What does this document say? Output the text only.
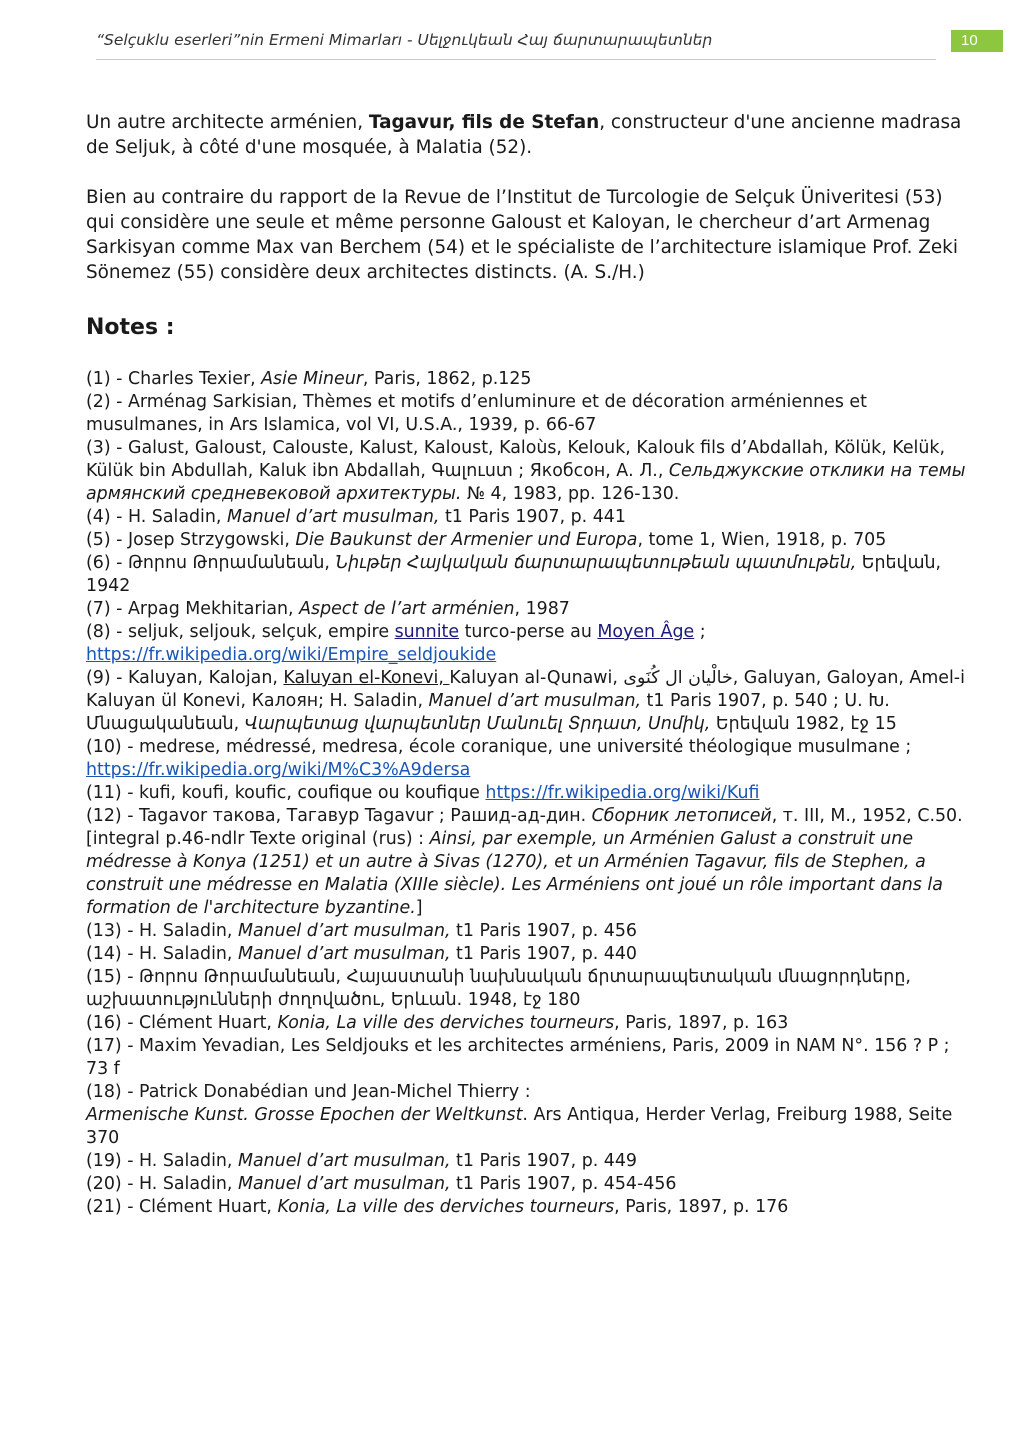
“Selçuklu eserleri”nin Ermeni Mimarları - Սելջուկեան Հայ ճարտարապետներ	10

Un autre architecte arménien, Tagavur, fils de Stefan, constructeur d'une ancienne madrasa de Seljuk, à côté d'une mosquée, à Malatia (52).

Bien au contraire du rapport de la Revue de l’Institut de Turcologie de Selçuk Üniveritesi (53) qui considère une seule et même personne Galoust et Kaloyan, le chercheur d’art Armenag Sarkisyan comme Max van Berchem (54) et le spécialiste de l’architecture islamique Prof. Zeki Sönemez (55) considère deux architectes distincts. (A. S./H.)

Notes :

(1) - Charles Texier, Asie Mineur, Paris, 1862, p.125

(2) - Arménag Sarkisian, Thèmes et motifs d’enluminure et de décoration arméniennes et musulmanes, in Ars Islamica, vol VI, U.S.A., 1939, p. 66-67

(3) - Galust, Galoust, Calouste, Kalust, Kaloust, Kaloùs, Kelouk, Kalouk fils d’Abdallah, Kölük, Kelük, Külük bin Abdullah, Kaluk ibn Abdallah, Գալուստ ; Якобсон, А. Л., Сельджукские отклики на темы армянский средневековой архитектуры. № 4, 1983, pp. 126-130.

(4) - H. Saladin, Manuel d’art musulman, t1 Paris 1907, p. 441

(5) - Josep Strzygowski, Die Baukunst der Armenier und Europa, tome 1, Wien, 1918, p. 705

(6) - Թորոս Թորամանեան, Նիւթեր Հայկական ճարտարապետութեան պատմութեն, Երեվան, 1942

(7) - Arpag Mekhitarian, Aspect de l’art arménien, 1987

(8) - seljuk, seljouk, selçuk, empire sunnite turco-perse au Moyen Âge ;
https://fr.wikipedia.org/wiki/Empire_seldjoukide

(9) - Kaluyan, Kalojan, Kaluyan el-Konevi, Kaluyan al-Qunawi, خالْيان ال كُنَوى, Galuyan, Galoyan, Amel-i Kaluyan ül Konevi, Калоян; H. Saladin, Manuel d’art musulman, t1 Paris 1907, p. 540 ; Ս. Խ. Մնացականեան, Վարպետաց վարպետներ Մանուել Տրդատ, Սոմիկ, Երեվան 1982, էջ 15

(10) - medrese, médressé, medresa, école coranique, une université théologique musulmane ; https://fr.wikipedia.org/wiki/M%C3%A9dersa

(11) - kufi, koufi, koufic, coufique ou koufique https://fr.wikipedia.org/wiki/Kufi

(12) - Tagavor такова, Тагавур Tagavur ; Рашид-ад-дин. Сборник летописей, т. III, М., 1952, С.50. [integral p.46-ndlr Texte original (rus) : Ainsi, par exemple, un Arménien Galust a construit une médresse à Konya (1251) et un autre à Sivas (1270), et un Arménien Tagavur, fils de Stephen, a construit une médresse en Malatia (XIIIe siècle). Les Arméniens ont joué un rôle important dans la formation de l'architecture byzantine.]

(13) - H. Saladin, Manuel d’art musulman, t1 Paris 1907, p. 456

(14) - H. Saladin, Manuel d’art musulman, t1 Paris 1907, p. 440

(15) - Թորոս Թորամանեան, Հայաստանի նախնական ճրտարապետական մնացորդները, աշխատությունների ժողովածու, Երևան. 1948, էջ 180

(16) - Clément Huart, Konia, La ville des derviches tourneurs, Paris, 1897, p. 163

(17) - Maxim Yevadian, Les Seldjouks et les architectes arméniens, Paris, 2009 in NAM N°. 156 ? P ; 73 f

(18) - Patrick Donabédian und Jean-Michel Thierry :
Armenische Kunst. Grosse Epochen der Weltkunst. Ars Antiqua, Herder Verlag, Freiburg 1988, Seite 370

(19) - H. Saladin, Manuel d’art musulman, t1 Paris 1907, p. 449

(20) - H. Saladin, Manuel d’art musulman, t1 Paris 1907, p. 454-456

(21) - Clément Huart, Konia, La ville des derviches tourneurs, Paris, 1897, p. 176
